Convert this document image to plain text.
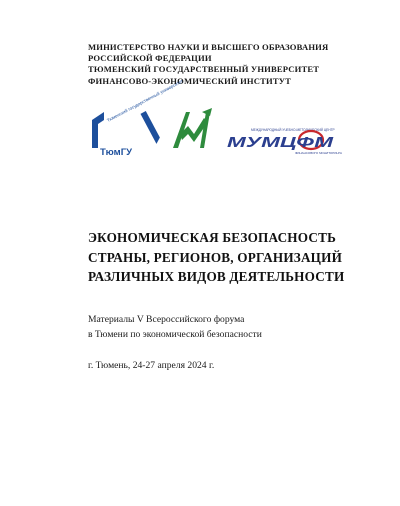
МИНИСТЕРСТВО НАУКИ И ВЫСШЕГО ОБРАЗОВАНИЯ
РОССИЙСКОЙ ФЕДЕРАЦИИ
ТЮМЕНСКИЙ ГОСУДАРСТВЕННЫЙ УНИВЕРСИТЕТ
ФИНАНСОВО-ЭКОНОМИЧЕСКИЙ ИНСТИТУТ
Тюменский государственный университет
ТюмГУ
МЕЖДУНАРОДНЫЙ УЧЕБНО-МЕТОДИЧЕСКИЙ ЦЕНТР
МУМЦФМ
ФИНАНСОВОГО МОНИТОРИНГА
ЭКОНОМИЧЕСКАЯ БЕЗОПАСНОСТЬ
СТРАНЫ, РЕГИОНОВ, ОРГАНИЗАЦИЙ
РАЗЛИЧНЫХ ВИДОВ ДЕЯТЕЛЬНОСТИ
Материалы V Всероссийского форума
в Тюмени по экономической безопасности
г. Тюмень, 24-27 апреля 2024 г.
